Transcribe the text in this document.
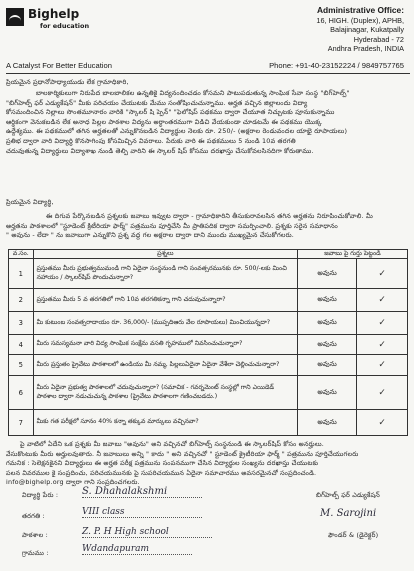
Bighelp
for education
A Catalyst For Better Education
Administrative Office:
16, HIGH. (Duplex), APHB,
Balajinagar, Kukatpally
Hyderabad - 72
Andhra Pradesh, INDIA
Phone: +91-40-23152224 / 9849757765
ప్రియమైన ప్రధానోపాధ్యాయుడు లేక గ్రామాధికారి,
బాలకార్మికులుగా నిరుపేద బాలబాలికల ఉన్నతికై విద్యనందించడం కోసమని పాటుపడుతున్న సాంఘిక సేవా సంస్థ "బిగ్‌హెల్ప్"
"బిగ్‌హెల్ప్ ఫర్ ఎడ్యుకేషన్" మీకు పరిచయం చేయుటకు మేము సంతోషించుచున్నాము. అర్హత వచ్చిన జిల్లాలందు విద్యా
కోసమందించిన నిల్లాలు సొంతమూనారం వారికి "స్కాలర్ షి ప్పెన్" "ఫెలోషిప్ పథకము ద్వారా చేయూత నిచ్చుటకు పూనుకున్నాము
ఆర్థికంగా వెనుకబడిన లేక అనాధ పిల్లల పాఠశాల విద్యను అర్ధాంతరముగా విడిచి వేయకుండా చూడటమే ఈ పథకము యొక్క
ఉద్దేశ్యము. ఈ పథకములో తగిన అర్హతలతో ఎన్నుకొనబడిన విద్యార్థుల నెలకు రూ. 250/- (అక్షరాల రెండువందల యాభై రూపాయలు)
ప్రతిభ ద్వారా వారి విద్యార్థి కొనసాగింపు కోసమిచ్చిన వివరాలు. పేరుకు వారి ఈ పథకములు 5 నుండి 10వ తరగతి
చదువుతున్న విద్యార్థులు విద్యాశాఖ నుండి తెల్పి వారిని ఈ స్కాలర్ షిప్ కోసము దరఖాస్తు చేసుకోవలసినదిగా కోరుతాము.
ప్రియమైన విద్యార్థి,
ఈ దిగువ పేర్కొనబడిన ప్రశ్నలకు జవాబు ఇవ్వుట ద్వారా - గ్రామాధికారిని తీసుకురావలసిన తగిన అర్హతను నిరూపించుకోవాలి. మీ
అర్హతను పాఠశాలలో "స్టూడెంట్ క్రిటీరియా ఫార్మ్" పత్రమును పూర్తిచేసి మీ ప్రాతిపదిక ద్వారా సమర్పించాలి. ప్రశ్నకు సరైన సమాధానం
" అవును - లేదా " ను జవాబుగా ఎన్నుకొని ప్రశ్న వద్ద గల అక్షరాల ద్వారా దాని ముందు ముఖ్యమైన చేసుకోగలరు.
వ.సం.	ప్రశ్నలు	జవాబు పై గుర్తు పెట్టండి	
1	ప్రస్తుతము మీరు ప్రభుత్వముమండి గాని ఏదైనా సంస్థనుండి గాని సంవత్సరమునకు రూ. 500/-లకు మించి నహాయం / స్కాలర్‌షిప్ పొందుచున్నారా?	అవును	✓
2	ప్రస్తుతము మీరు 5 వ తరగతిలో గాని 10వ తరగతికన్నా గాని చదువుచున్నారా?	అవును	✓
3	మీ కుటుంబ సంవత్సరాదాయం రూ. 36,000/- (ముప్పదిఆరు వేల రూపాయలు) మించియున్నదా?	అవును	✓
4	మీరు సమస్యమనా వారి విద్య సాంఘిక సంక్షేమ వసతి గృహములో నివసించుచున్నారా?	అవును	✓
5	మీరు ప్రస్తుతం ప్రైవేటు పాఠశాలలో ఉండియు మీ నమ్మ, పిల్లలుఏదైనా ఏదైనా వేశేలా చెల్లించుచున్నారా?	అవును	✓
6	మీరు ఏదైనా ప్రభుత్వ పాఠశాలలో చదువుచున్నారా? (సమాచిక - గవర్నమెంట్ సంస్థల్లో గాని ఎయిడెడ్ పాఠశాల ద్వారా నడుచుచున్న పాఠశాల (ప్రైవేటు పాఠశాలగా గణించబడదు.)	అవును	✓
7	మీకు గత పరీక్షలో సూనం 40% కన్నా తక్కువ మార్కులు వచ్చినవా?	అవును	✓
పై వాటిలో ఏదేని ఒక ప్రశ్నకు మీ జవాబు "అవును" అని వచ్చినచో బిగ్‌హెల్ప్ సంస్థనుండి ఈ స్కాలర్‌షిప్ కోసం అనర్హులు.
వేసుకొంటుకు మీరు అర్హులవుతారు. నీ జవాబులు అన్ని " కాదు " అని వచ్చినచో " స్టూడెంట్ క్రైటీరియా ఫార్మ్ " పత్రమును పూర్తిచేయుగలరు
గమనిక : సెలెక్షనకైనని విద్యార్థులు ఈ అర్హత పరీక్ష పత్రమును సంపనముగా చేసిన విద్యార్థుల సంఖ్యను దరఖాస్తు చేయుటకు
పలన వివరముల కై సంప్రదించు, పరిచయమునకు పై సుపరిచయమున ఏదైనా సమాచారము అవసరమైనచో సంప్రదించండి.
info@bighelp.org ద్వారా గాని సంప్రదించగలరు.
బిగ్‌హెల్ప్ ఫర్ ఎడ్యుకేషన్
విద్యార్థి పేరు : S. Dhahalakshmi
తరగతి :	VIII class	M. Sarojini
పాఠశాల :	Z. P. H High school	ఫౌండర్ & (డైరెక్టర్)
గ్రామము :	Wdandapuram
